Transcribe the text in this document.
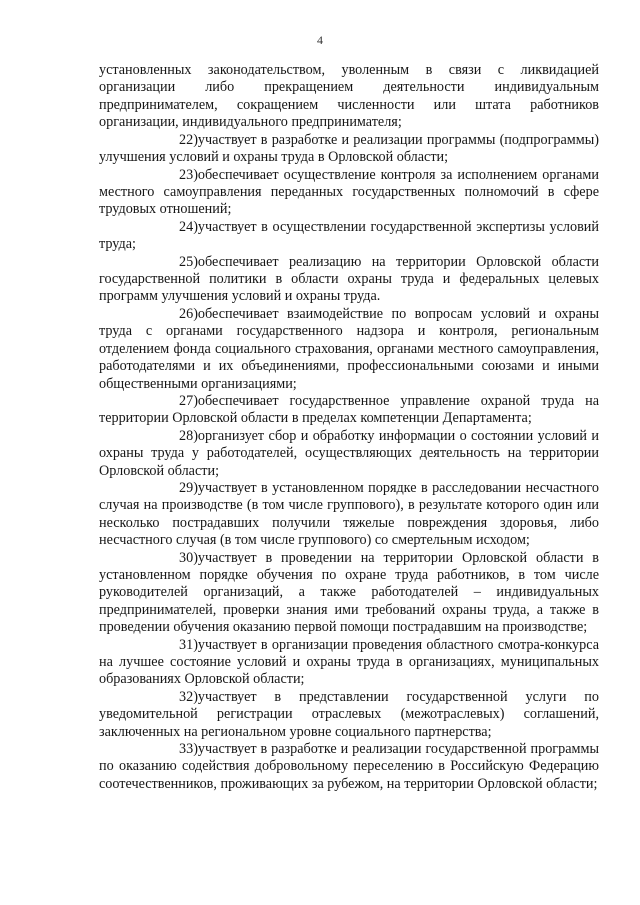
4

установленных законодательством, уволенным в связи с ликвидацией организации либо прекращением деятельности индивидуальным предпринимателем, сокращением численности или штата работников организации, индивидуального предпринимателя;

22)участвует в разработке и реализации программы (подпрограммы) улучшения условий и охраны труда в Орловской области;

23)обеспечивает осуществление контроля за исполнением органами местного самоуправления переданных государственных полномочий в сфере трудовых отношений;

24)участвует в осуществлении государственной экспертизы условий труда;

25)обеспечивает реализацию на территории Орловской области государственной политики в области охраны труда и федеральных целевых программ улучшения условий и охраны труда.

26)обеспечивает взаимодействие по вопросам условий и охраны труда с органами государственного надзора и контроля, региональным отделением фонда социального страхования, органами местного самоуправления, работодателями и их объединениями, профессиональными союзами и иными общественными организациями;

27)обеспечивает государственное управление охраной труда на территории Орловской области в пределах компетенции Департамента;

28)организует сбор и обработку информации о состоянии условий и охраны труда у работодателей, осуществляющих деятельность на территории Орловской области;

29)участвует в установленном порядке в расследовании несчастного случая на производстве (в том числе группового), в результате которого один или несколько пострадавших получили тяжелые повреждения здоровья, либо несчастного случая (в том числе группового) со смертельным исходом;

30)участвует в проведении на территории Орловской области в установленном порядке обучения по охране труда работников, в том числе руководителей организаций, а также работодателей – индивидуальных предпринимателей, проверки знания ими требований охраны труда, а также в проведении обучения оказанию первой помощи пострадавшим на производстве;

31)участвует в организации проведения областного смотра-конкурса на лучшее состояние условий и охраны труда в организациях, муниципальных образованиях Орловской области;

32)участвует в представлении государственной услуги по уведомительной регистрации отраслевых (межотраслевых) соглашений, заключенных на региональном уровне социального партнерства;

33)участвует в разработке и реализации государственной программы по оказанию содействия добровольному переселению в Российскую Федерацию соотечественников, проживающих за рубежом, на территории Орловской области;
